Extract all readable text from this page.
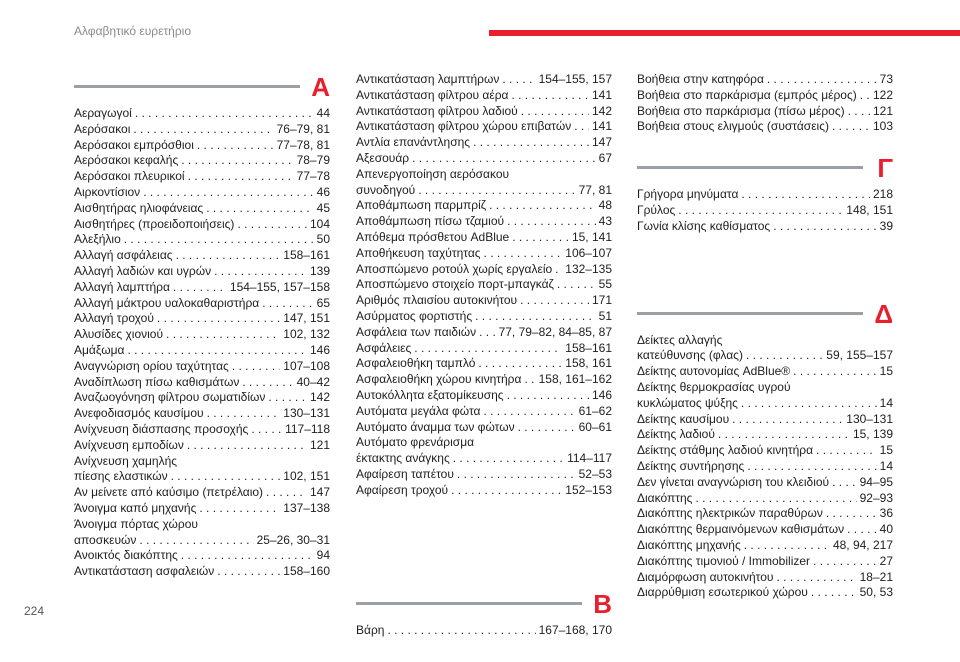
Αλφαβητικό ευρετήριο
A
Αεραγωγοί . . .	44
Αερόσακοι . . .	76–79, 81
Αερόσακοι εμπρόσθιοι . . .	77–78, 81
Αερόσακοι κεφαλής . . .	78–79
Αερόσακοι πλευρικοί . . .	77–78
Αιρκοντίσιον . . .	46
Αισθητήρας ηλιοφάνειας . . .	45
Αισθητήρες (προειδοποιήσεις) . . .	104
Αλεξήλιο . . .	50
Αλλαγή ασφάλειας . . .	158–161
Αλλαγή λαδιών και υγρών . . .	139
Αλλαγή λαμπτήρα . . .	154–155, 157–158
Αλλαγή μάκτρου υαλοκαθαριστήρα . . .	65
Αλλαγή τροχού . . .	147, 151
Αλυσίδες χιονιού . . .	102, 132
Αμάξωμα . . .	146
Αναγνώριση ορίου ταχύτητας . . .	107–108
Αναδίπλωση πίσω καθισμάτων . . .	40–42
Αναζωογόνηση φίλτρου σωματιδίων . . .	142
Ανεφοδιασμός καυσίμου . . .	130–131
Ανίχνευση διάσπασης προσοχής . . .	117–118
Ανίχνευση εμποδίων . . .	121
Ανίχνευση χαμηλής
πίεσης ελαστικών . . .	102, 151
Αν μείνετε από καύσιμο (πετρέλαιο) . . .	147
Άνοιγμα καπό μηχανής . . .	137–138
Άνοιγμα πόρτας χώρου
αποσκευών . . .	25–26, 30–31
Ανοικτός διακόπτης . . .	94
Αντικατάσταση ασφαλειών . . .	158–160
Αντικατάσταση λαμπτήρων . . .	154–155, 157
Αντικατάσταση φίλτρου αέρα . . .	141
Αντικατάσταση φίλτρου λαδιού . . .	142
Αντικατάσταση φίλτρου χώρου επιβατών . . . 141
Αντλία επανάντλησης . . .	147
Αξεσουάρ . . .	67
Απενεργοποίηση αερόσακου
συνοδηγού . . .	77, 81
Αποθάμπωση παρμπρίζ . . .	48
Αποθάμπωση πίσω τζαμιού . . .	43
Απόθεμα πρόσθετου AdBlue . . .	15, 141
Αποθήκευση ταχύτητας . . .	106–107
Αποσπώμενο ροτούλ χωρίς εργαλείο . . . 132–135
Αποσπώμενο στοιχείο πορτ-μπαγκάζ . . .	55
Αριθμός πλαισίου αυτοκινήτου . . .	171
Ασύρματος φορτιστής . . .	51
Ασφάλεια των παιδιών . . . 77, 79–82, 84–85, 87
Ασφάλειες . . .	158–161
Ασφαλειοθήκη ταμπλό . . .	158, 161
Ασφαλειοθήκη χώρου κινητήρα . . . 158, 161–162
Αυτοκόλλητα εξατομίκευσης . . .	146
Αυτόματα μεγάλα φώτα . . .	61–62
Αυτόματο άναμμα των φώτων . . .	60–61
Αυτόματο φρενάρισμα
έκτακτης ανάγκης . . .	114–117
Αφαίρεση ταπέτου . . .	52–53
Αφαίρεση τροχού . . .	152–153
B
Βάρη . . .	167–168, 170
Βοήθεια στην κατηφόρα . . .	73
Βοήθεια στο παρκάρισμα (εμπρός μέρος) . . . 122
Βοήθεια στο παρκάρισμα (πίσω μέρος) . . . 121
Βοήθεια στους ελιγμούς (συστάσεις) . . .	103
Γ
Γρήγορα μηνύματα . . .	218
Γρύλος . . .	148, 151
Γωνία κλίσης καθίσματος . . .	39
Δ
Δείκτες αλλαγής
κατεύθυνσης (φλας) . . .	59, 155–157
Δείκτης αυτονομίας AdBlue® . . .	15
Δείκτης θερμοκρασίας υγρού
κυκλώματος ψύξης . . .	14
Δείκτης καυσίμου . . .	130–131
Δείκτης λαδιού . . .	15, 139
Δείκτης στάθμης λαδιού κινητήρα . . .	15
Δείκτης συντήρησης . . .	14
Δεν γίνεται αναγνώριση του κλειδιού . . .	94–95
Διακόπτης . . .	92–93
Διακόπτης ηλεκτρικών παραθύρων . . .	36
Διακόπτης θερμαινόμενων καθισμάτων . . .	40
Διακόπτης μηχανής . . .	48, 94, 217
Διακόπτης τιμονιού / Immobilizer . . .	27
Διαμόρφωση αυτοκινήτου . . .	18–21
Διαρρύθμιση εσωτερικού χώρου . . .	50, 53
224
